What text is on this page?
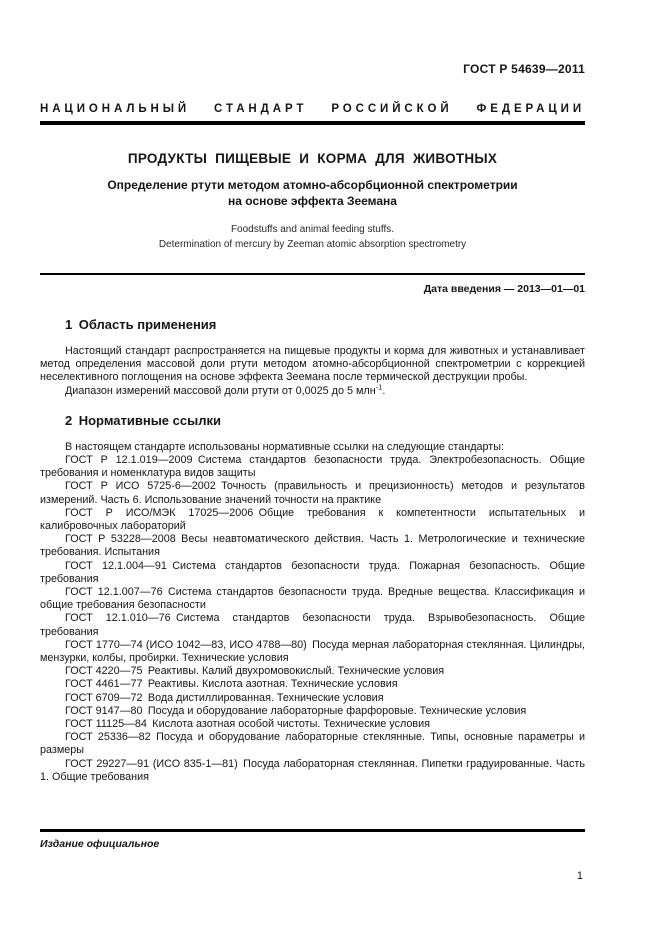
ГОСТ Р 54639—2011
НАЦИОНАЛЬНЫЙ СТАНДАРТ РОССИЙСКОЙ ФЕДЕРАЦИИ
ПРОДУКТЫ ПИЩЕВЫЕ И КОРМА ДЛЯ ЖИВОТНЫХ
Определение ртути методом атомно-абсорбционной спектрометрии
на основе эффекта Зеемана
Foodstuffs and animal feeding stuffs.
Determination of mercury by Zeeman atomic absorption spectrometry
Дата введения — 2013—01—01
1 Область применения

Настоящий стандарт распространяется на пищевые продукты и корма для животных и устанавливает метод определения массовой доли ртути методом атомно-абсорбционной спектрометрии с коррекцией неселективного поглощения на основе эффекта Зеемана после термической деструкции пробы.

Диапазон измерений массовой доли ртути от 0,0025 до 5 млн$^{-1}$.

2 Нормативные ссылки

В настоящем стандарте использованы нормативные ссылки на следующие стандарты:

ГОСТ Р 12.1.019—2009 Система стандартов безопасности труда. Электробезопасность. Общие требования и номенклатура видов защиты

ГОСТ Р ИСО 5725-6—2002 Точность (правильность и прецизионность) методов и результатов измерений. Часть 6. Использование значений точности на практике

ГОСТ Р ИСО/МЭК 17025—2006 Общие требования к компетентности испытательных и калибровочных лабораторий

ГОСТ Р 53228—2008 Весы неавтоматического действия. Часть 1. Метрологические и технические требования. Испытания

ГОСТ 12.1.004—91 Система стандартов безопасности труда. Пожарная безопасность. Общие требования

ГОСТ 12.1.007—76 Система стандартов безопасности труда. Вредные вещества. Классификация и общие требования безопасности

ГОСТ 12.1.010—76 Система стандартов безопасности труда. Взрывобезопасность. Общие требования

ГОСТ 1770—74 (ИСО 1042—83, ИСО 4788—80) Посуда мерная лабораторная стеклянная. Цилиндры, мензурки, колбы, пробирки. Технические условия

ГОСТ 4220—75 Реактивы. Калий двухромовокислый. Технические условия

ГОСТ 4461—77 Реактивы. Кислота азотная. Технические условия

ГОСТ 6709—72 Вода дистиллированная. Технические условия

ГОСТ 9147—80 Посуда и оборудование лабораторные фарфоровые. Технические условия

ГОСТ 11125—84 Кислота азотная особой чистоты. Технические условия

ГОСТ 25336—82 Посуда и оборудование лабораторные стеклянные. Типы, основные параметры и размеры

ГОСТ 29227—91 (ИСО 835-1—81) Посуда лабораторная стеклянная. Пипетки градуированные. Часть 1. Общие требования

Издание официальное
1
